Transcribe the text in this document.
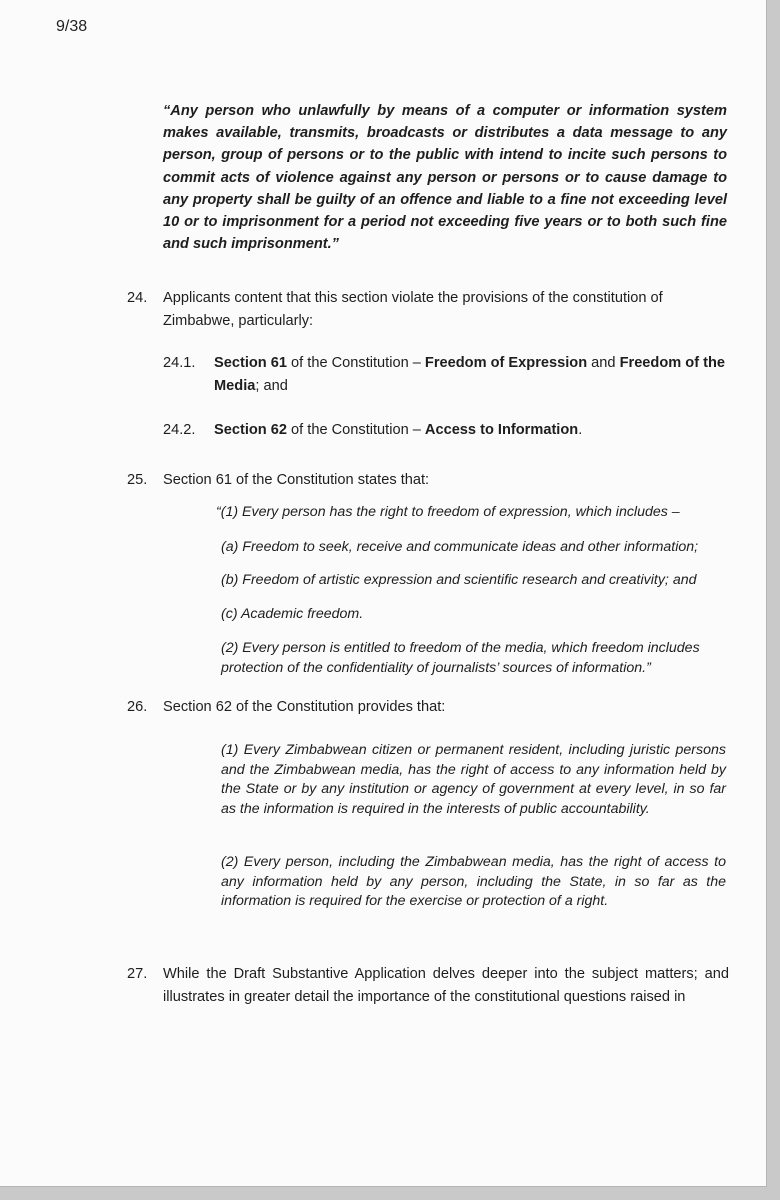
9/38
“Any person who unlawfully by means of a computer or information system makes available, transmits, broadcasts or distributes a data message to any person, group of persons or to the public with intend to incite such persons to commit acts of violence against any person or persons or to cause damage to any property shall be guilty of an offence and liable to a fine not exceeding level 10 or to imprisonment for a period not exceeding five years or to both such fine and such imprisonment.”
24. Applicants content that this section violate the provisions of the constitution of Zimbabwe, particularly:
24.1. Section 61 of the Constitution – Freedom of Expression and Freedom of the Media; and
24.2. Section 62 of the Constitution – Access to Information.
25. Section 61 of the Constitution states that:
“(1) Every person has the right to freedom of expression, which includes –
(a) Freedom to seek, receive and communicate ideas and other information;
(b) Freedom of artistic expression and scientific research and creativity; and
(c) Academic freedom.
(2) Every person is entitled to freedom of the media, which freedom includes protection of the confidentiality of journalists’ sources of information.”
26. Section 62 of the Constitution provides that:
(1) Every Zimbabwean citizen or permanent resident, including juristic persons and the Zimbabwean media, has the right of access to any information held by the State or by any institution or agency of government at every level, in so far as the information is required in the interests of public accountability.
(2) Every person, including the Zimbabwean media, has the right of access to any information held by any person, including the State, in so far as the information is required for the exercise or protection of a right.
27. While the Draft Substantive Application delves deeper into the subject matters; and illustrates in greater detail the importance of the constitutional questions raised in
